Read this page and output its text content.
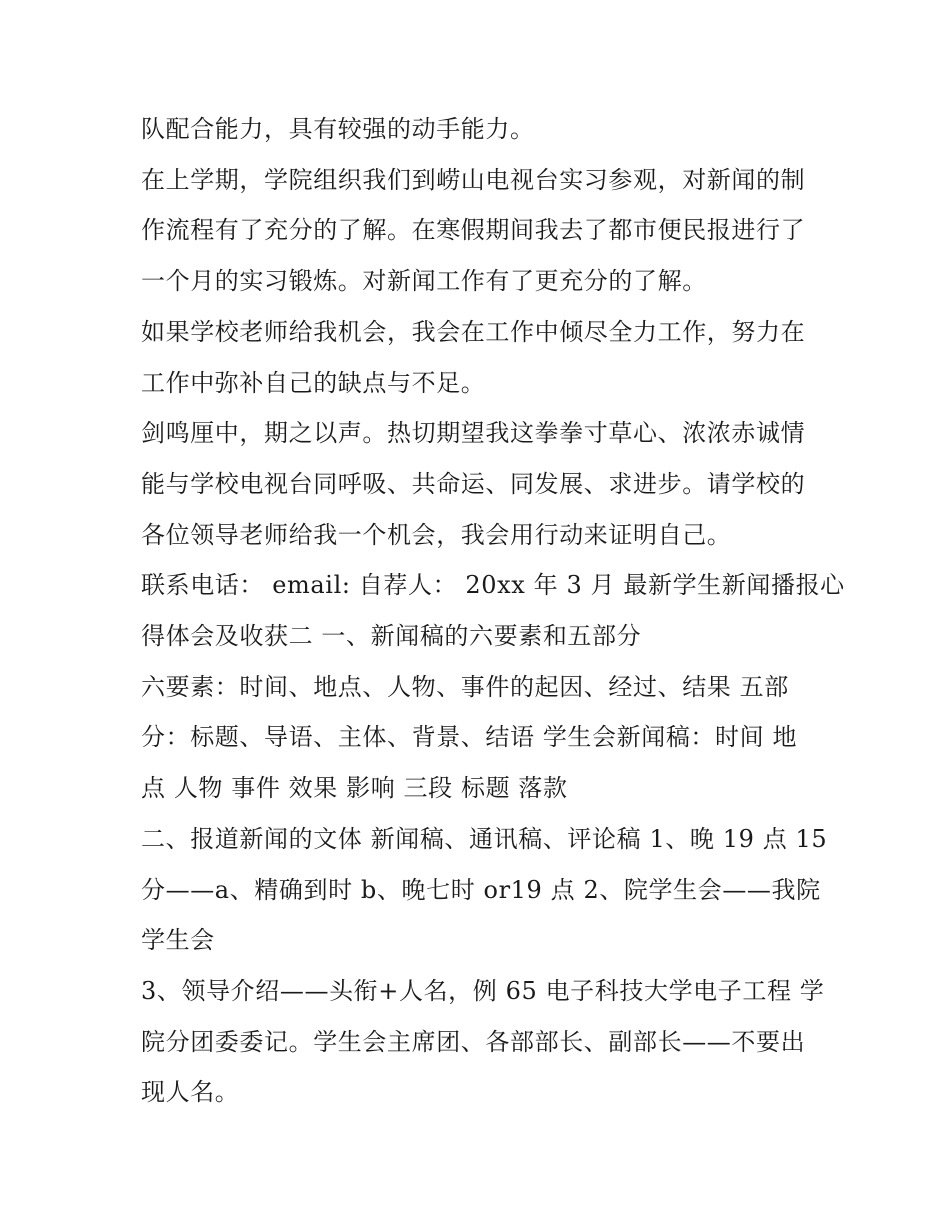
队配合能力，具有较强的动手能力。
在上学期，学院组织我们到崂山电视台实习参观，对新闻的制
作流程有了充分的了解。在寒假期间我去了都市便民报进行了
一个月的实习锻炼。对新闻工作有了更充分的了解。
如果学校老师给我机会，我会在工作中倾尽全力工作，努力在
工作中弥补自己的缺点与不足。
剑鸣厘中，期之以声。热切期望我这拳拳寸草心、浓浓赤诚情
能与学校电视台同呼吸、共命运、同发展、求进步。请学校的
各位领导老师给我一个机会，我会用行动来证明自己。
联系电话： email: 自荐人： 20xx 年 3 月 最新学生新闻播报心
得体会及收获二 一、新闻稿的六要素和五部分
六要素：时间、地点、人物、事件的起因、经过、结果 五部
分：标题、导语、主体、背景、结语 学生会新闻稿：时间 地
点 人物 事件 效果 影响 三段 标题 落款
二、报道新闻的文体 新闻稿、通讯稿、评论稿 1、晚 19 点 15
分——a、精确到时 b、晚七时 or19 点 2、院学生会——我院
学生会
3、领导介绍——头衔+人名，例 65 电子科技大学电子工程 学
院分团委委记。学生会主席团、各部部长、副部长——不要出
现人名。
